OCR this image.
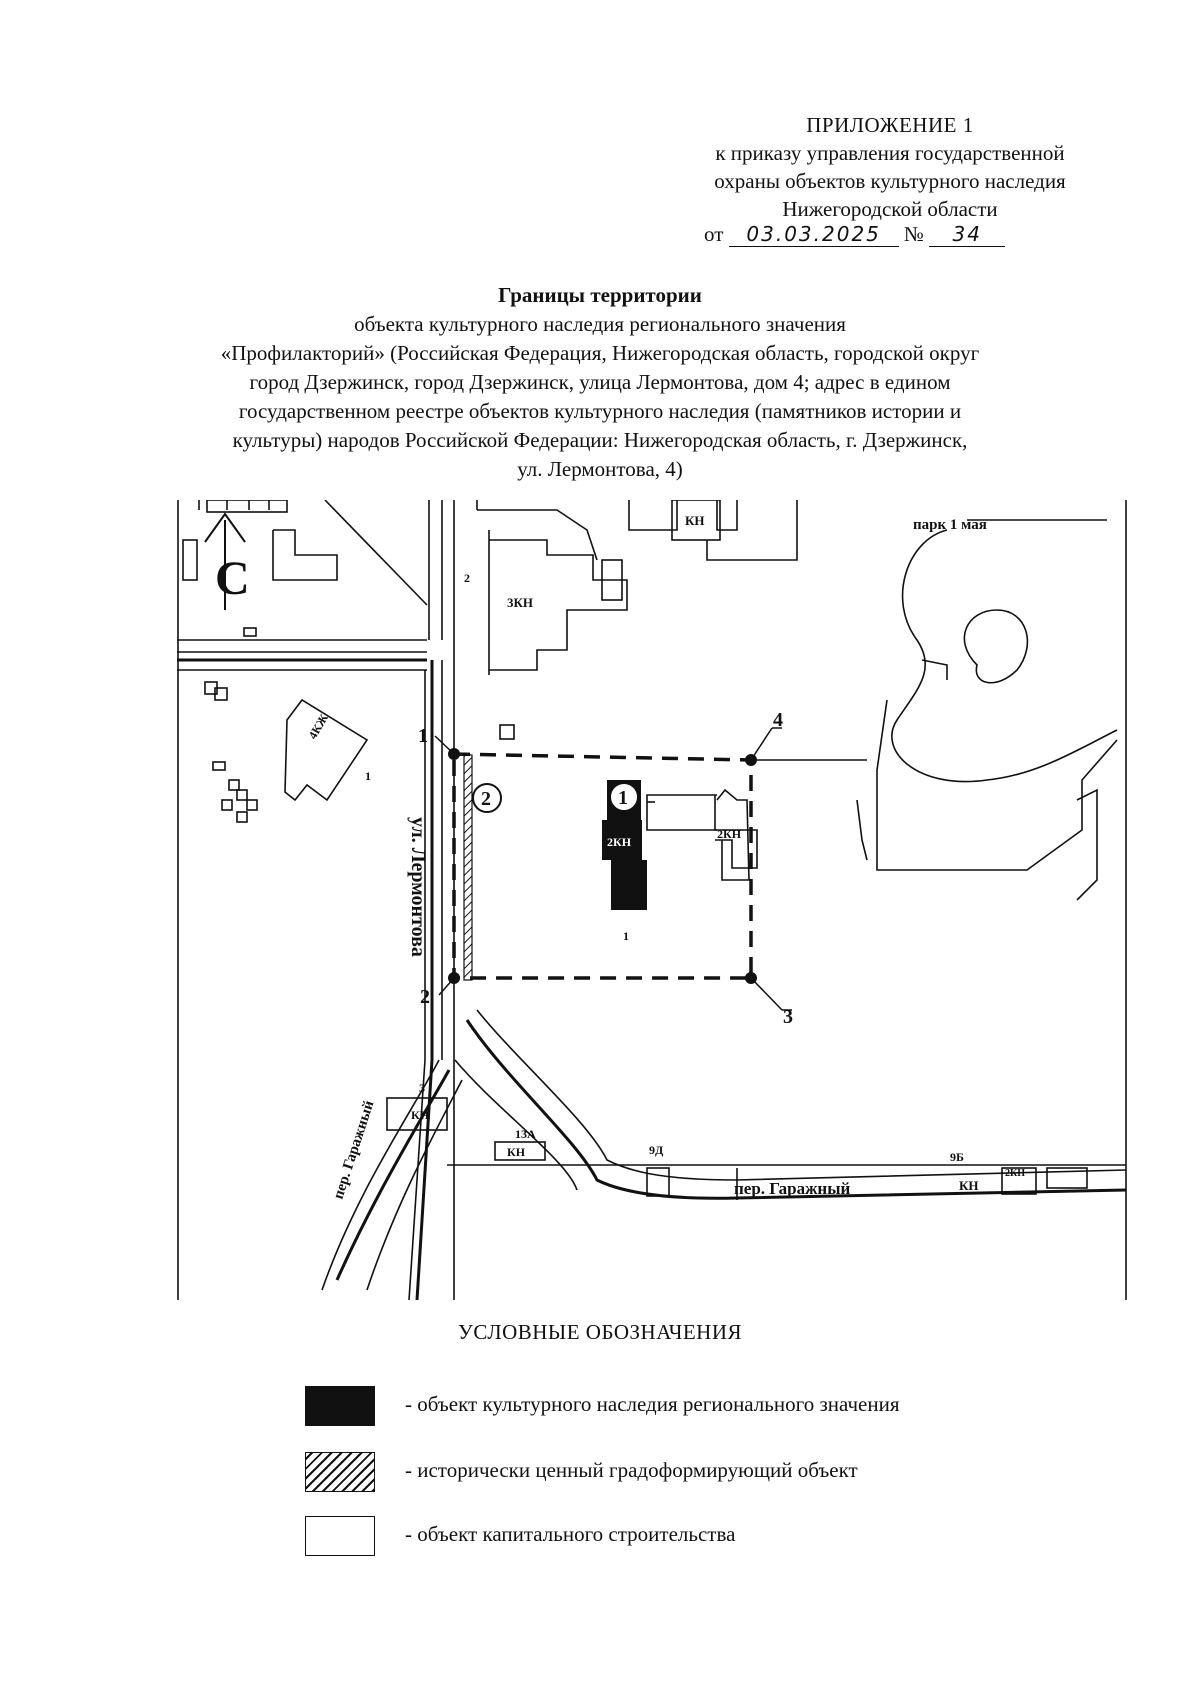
ПРИЛОЖЕНИЕ 1
к приказу управления государственной
охраны объектов культурного наследия
Нижегородской области
от 03.03.2025 № 34
Границы территории
объекта культурного наследия регионального значения
«Профилакторий» (Российская Федерация, Нижегородская область, городской округ
город Дзержинск, город Дзержинск, улица Лермонтова, дом 4; адрес в едином
государственном реестре объектов культурного наследия (памятников истории и
культуры) народов Российской Федерации: Нижегородская область, г. Дзержинск,
ул. Лермонтова, 4)
С
1
2
3
4
1
2
парк 1 мая
ул. Лермонтова
пер. Гаражный	пер. Гаражный
КН
3КН
2
4КЖ
1
2КН
2КН
1
3
КН
13А
КН	9Д	9Б
КН
2КН
УСЛОВНЫЕ ОБОЗНАЧЕНИЯ
- объект культурного наследия регионального значения
- исторически ценный градоформирующий объект
- объект капитального строительства
